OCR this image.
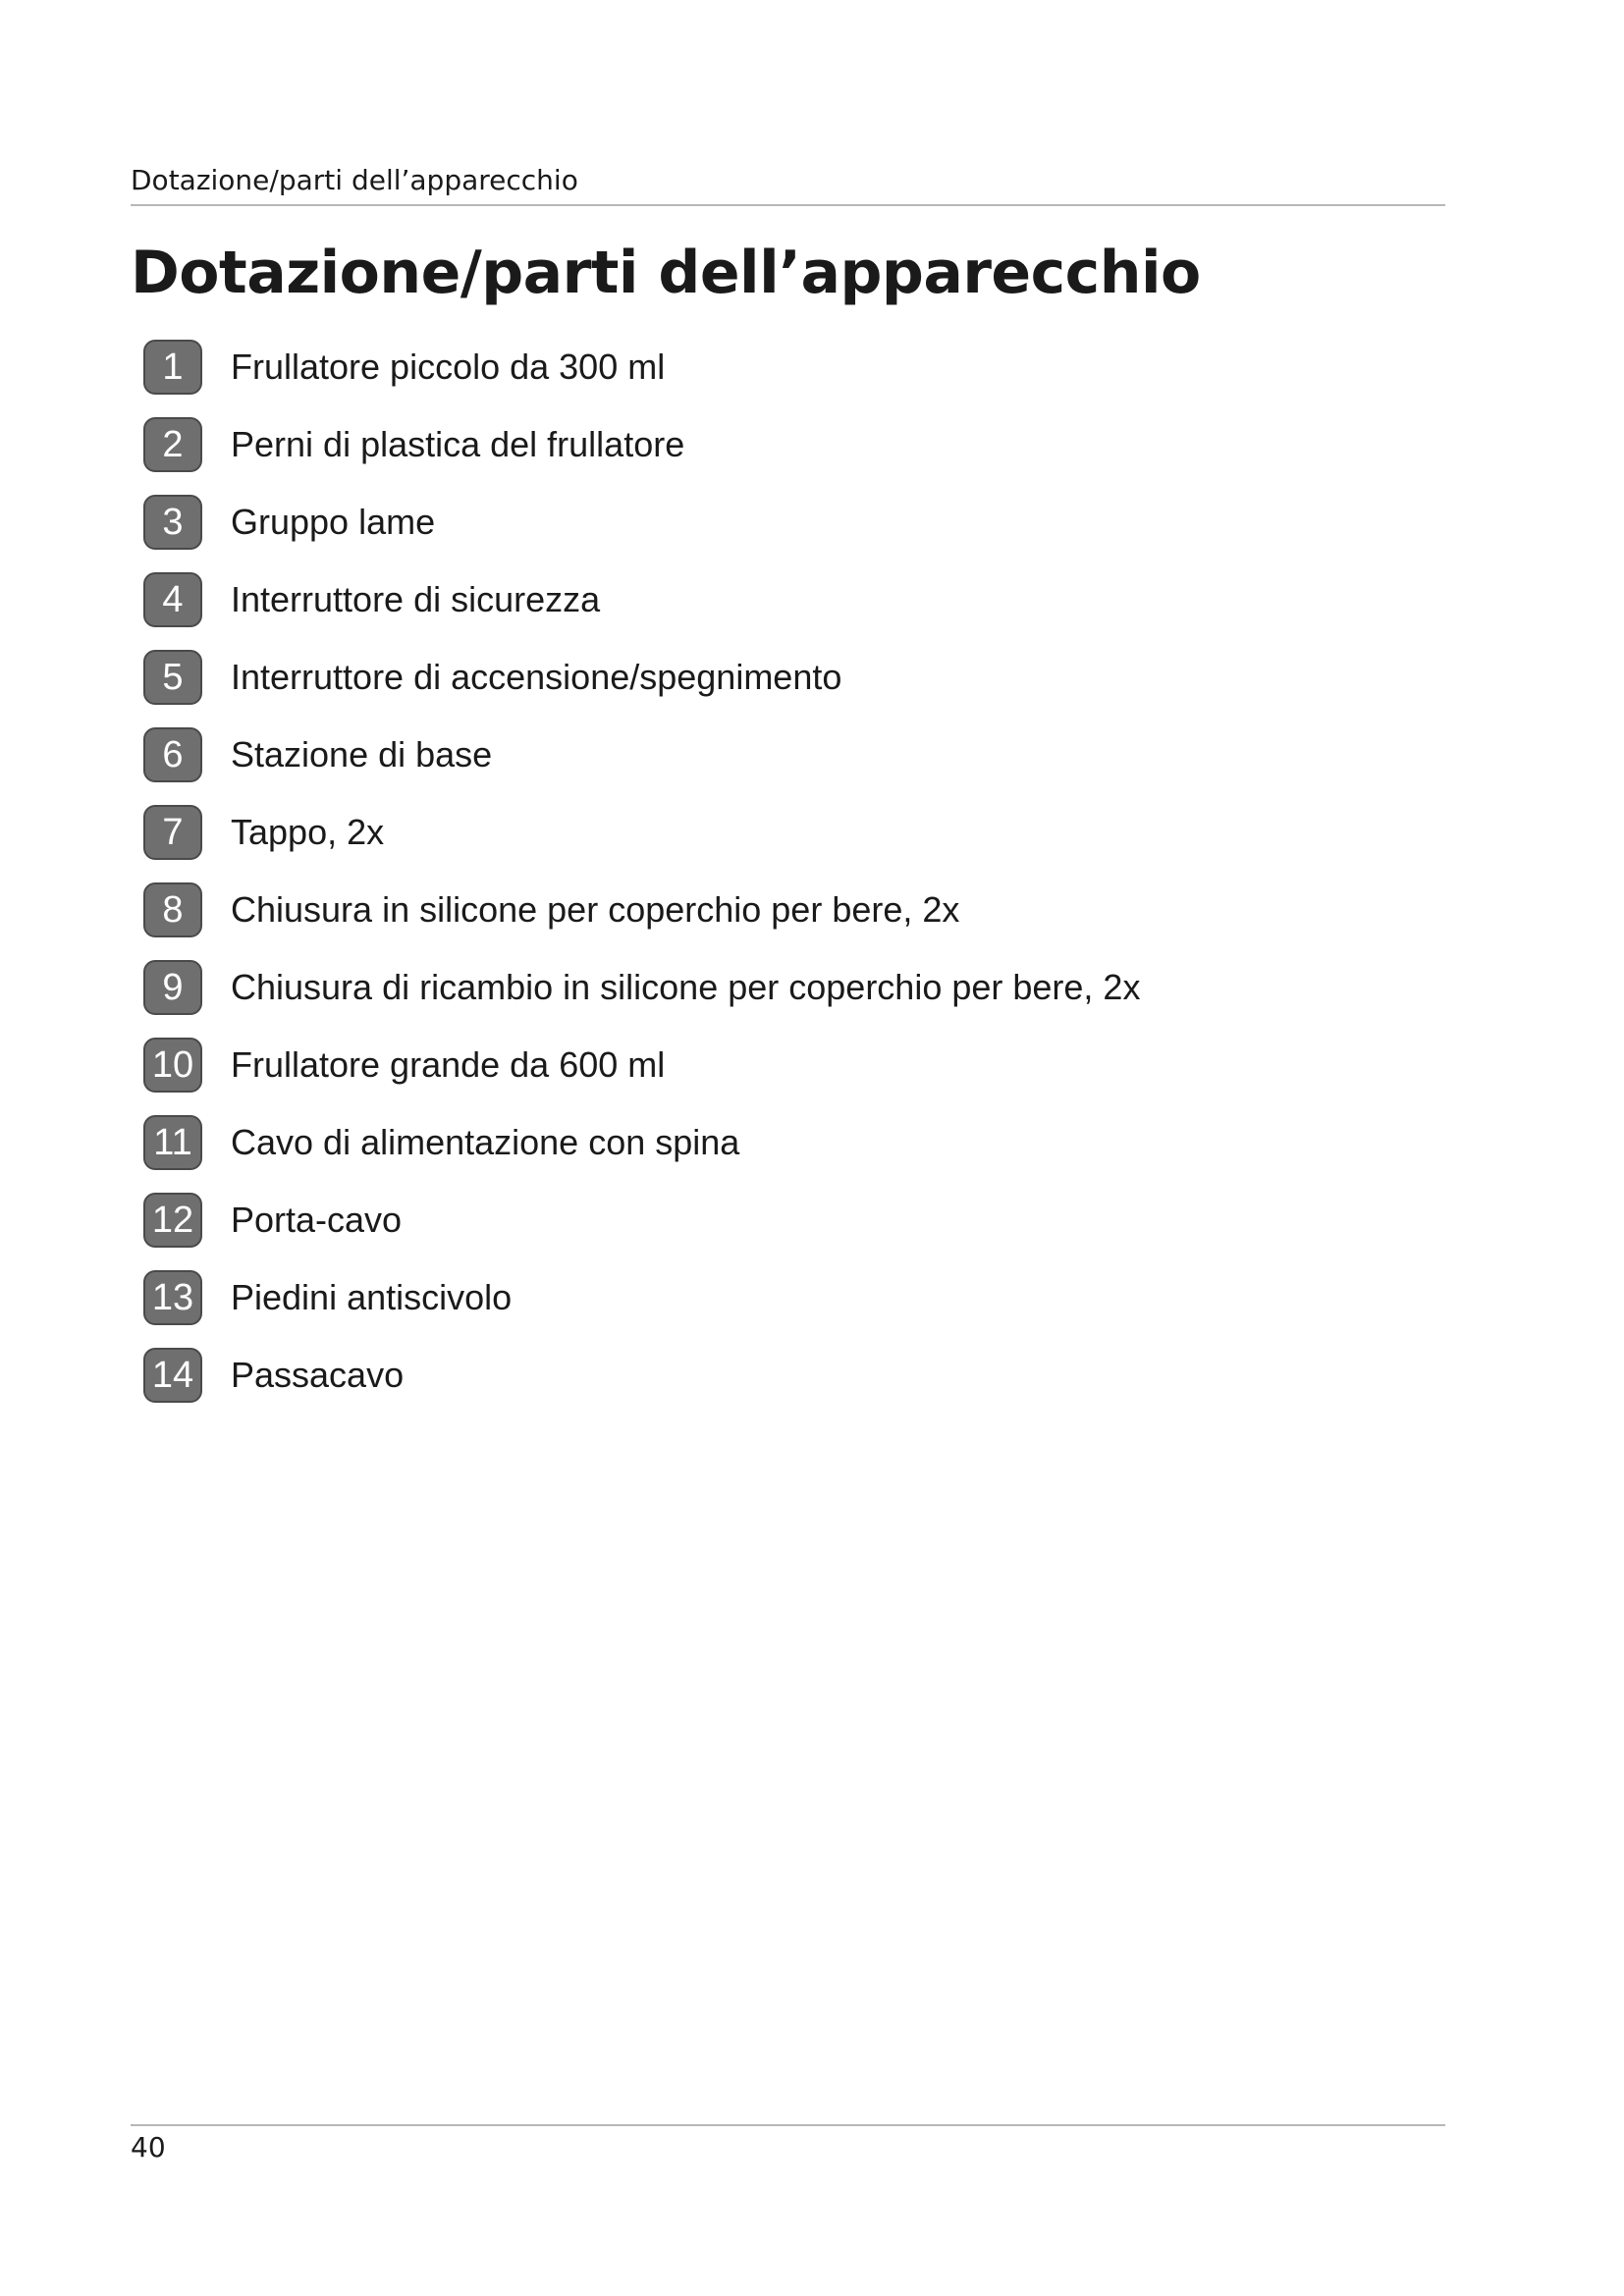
Dotazione/parti dell’apparecchio
Dotazione/parti dell’apparecchio
1	Frullatore piccolo da 300 ml
2	Perni di plastica del frullatore
3	Gruppo lame
4	Interruttore di sicurezza
5	Interruttore di accensione/spegnimento
6	Stazione di base
7	Tappo, 2x
8	Chiusura in silicone per coperchio per bere, 2x
9	Chiusura di ricambio in silicone per coperchio per bere, 2x
10 Frullatore grande da 600 ml
11 Cavo di alimentazione con spina
12 Porta-cavo
13 Piedini antiscivolo
14 Passacavo
40
